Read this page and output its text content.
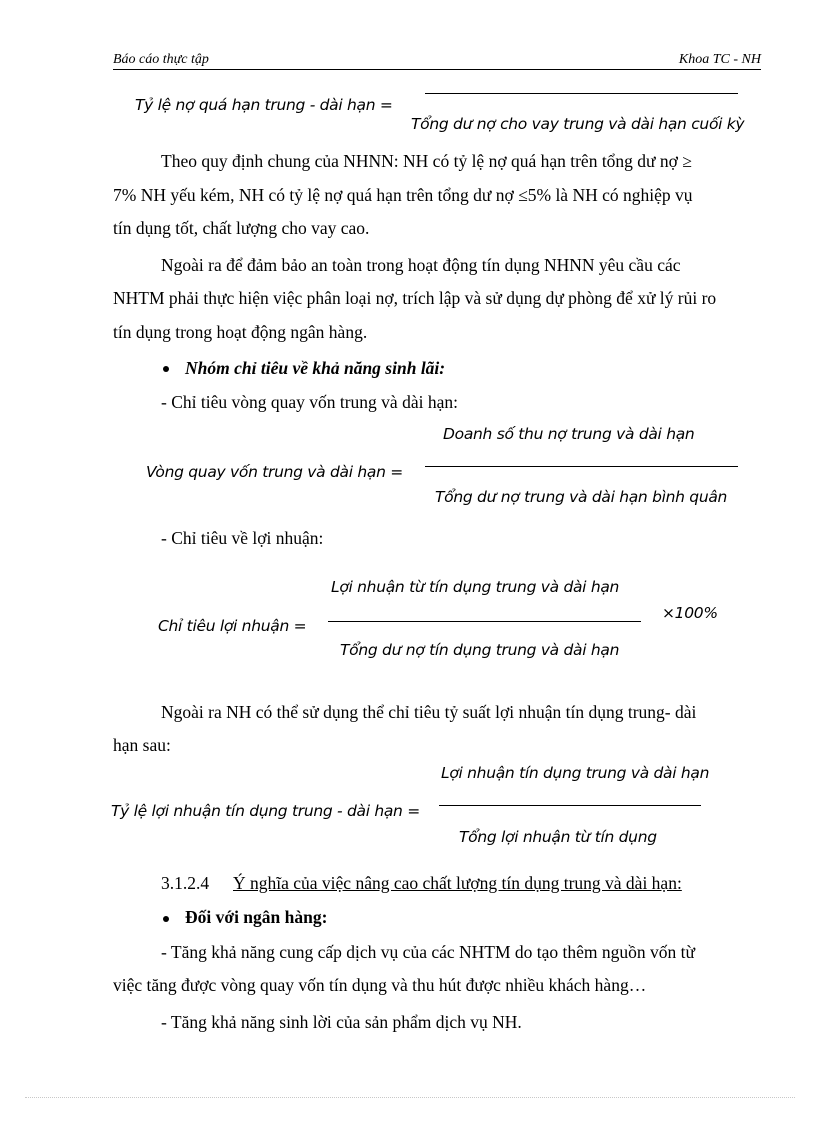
Báo cáo thực tập	Khoa TC - NH
Tỷ lệ nợ quá hạn trung - dài hạn =
Tổng dư nợ cho vay trung và dài hạn cuối kỳ
Theo quy định chung của NHNN: NH có tỷ lệ nợ quá hạn trên tổng dư nợ ≥
7% NH yếu kém, NH có tỷ lệ nợ quá hạn trên tổng dư nợ ≤5% là NH có nghiệp vụ
tín dụng tốt, chất lượng cho vay cao.
Ngoài ra để đảm bảo an toàn trong hoạt động tín dụng NHNN yêu cầu các
NHTM phải thực hiện việc phân loại nợ, trích lập và sử dụng dự phòng để xử lý rủi ro
tín dụng trong hoạt động ngân hàng.
Nhóm chỉ tiêu về khả năng sinh lãi:
- Chỉ tiêu vòng quay vốn trung và dài hạn:
Doanh số thu nợ trung và dài hạn
Vòng quay vốn trung và dài hạn =
Tổng dư nợ trung và dài hạn bình quân
- Chỉ tiêu về lợi nhuận:
Lợi nhuận từ tín dụng trung và dài hạn
Chỉ tiêu lợi nhuận =
×100%
Tổng dư nợ tín dụng trung và dài hạn
Ngoài ra NH có thể sử dụng thể chỉ tiêu tỷ suất lợi nhuận tín dụng trung- dài
hạn sau:
Lợi nhuận tín dụng trung và dài hạn
Tỷ lệ lợi nhuận tín dụng trung - dài hạn =
Tổng lợi nhuận từ tín dụng
3.1.2.4 Ý nghĩa của việc nâng cao chất lượng tín dụng trung và dài hạn:
Đối với ngân hàng:
- Tăng khả năng cung cấp dịch vụ của các NHTM do tạo thêm nguồn vốn từ
việc tăng được vòng quay vốn tín dụng và thu hút được nhiều khách hàng…
- Tăng khả năng sinh lời của sản phẩm dịch vụ NH.
